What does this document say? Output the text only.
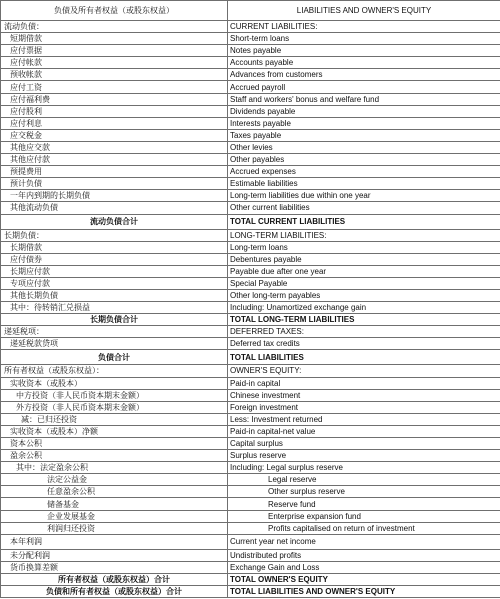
负债及所有者权益（或股东权益）	LIABILITIES AND OWNER'S EQUITY
流动负债：	CURRENT LIABILITIES:
短期借款	Short-term loans
应付票据	Notes payable
应付帐款	Accounts payable
预收帐款	Advances from customers
应付工资	Accrued payroll
应付福利费	Staff and workers' bonus and welfare fund
应付股利	Dividends payable
应付利息	Interests payable
应交税金	Taxes payable
其他应交款	Other levies
其他应付款	Other payables
预提费用	Accrued expenses
预计负债	Estimable liabilities
一年内到期的长期负债	Long-term liabilities due within one year
其他流动负债	Other current liabilities
流动负债合计	TOTAL CURRENT LIABILITIES
长期负债：	LONG-TERM LIABILITIES:
长期借款	Long-term loans
应付债券	Debentures payable
长期应付款	Payable due after one year
专项应付款	Special Payable
其他长期负债	Other long-term payables
其中：待转销汇兑损益	Including: Unamortized exchange gain
长期负债合计	TOTAL LONG-TERM LIABILITIES
递延税项：	DEFERRED TAXES:
递延税款贷项	Deferred tax credits
负债合计	TOTAL LIABILITIES
所有者权益（或股东权益）：	OWNER'S EQUITY:
实收资本（或股本）	Paid-in capital
中方投资（非人民币资本期末金额）	Chinese investment
外方投资（非人民币资本期末金额）	Foreign investment
减：已归还投资	Less: Investment returned
实收资本（或股本）净额	Paid-in capital-net value
资本公积	Capital surplus
盈余公积	Surplus reserve
其中：法定盈余公积	Including: Legal surplus reserve
法定公益金	Legal reserve
任意盈余公积	Other surplus reserve
储备基金	Reserve fund
企业发展基金	Enterprise expansion fund
利润归还投资	Profits capitalised on return of investment
本年利润	Current year net income
未分配利润	Undistributed profits
货币换算差额	Exchange Gain and Loss
所有者权益（或股东权益）合计	TOTAL OWNER'S EQUITY
负债和所有者权益（或股东权益）合计	TOTAL LIABILITIES AND OWNER'S EQUITY
